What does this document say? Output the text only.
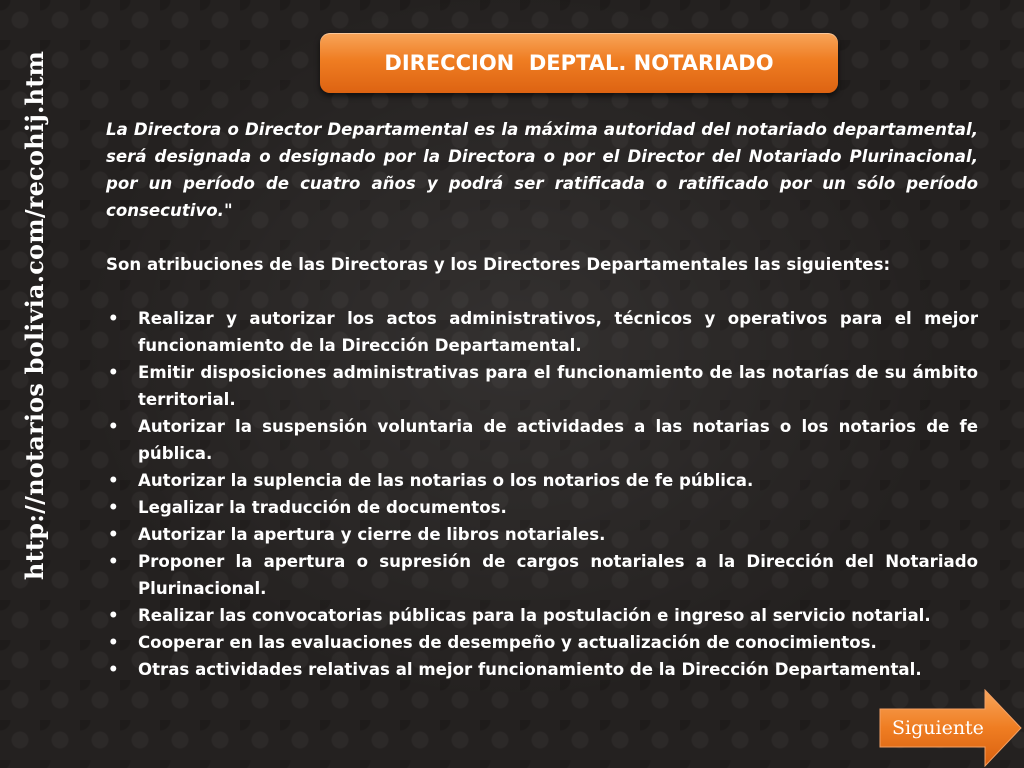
http://notarios bolivia.com/recohij.htm	DIRECCION  DEPTAL. NOTARIADO

La Directora o Director Departamental es la máxima autoridad del notariado departamental, será designada o designado por la Directora o por el Director del Notariado Plurinacional, por un período de cuatro años y podrá ser ratificada o ratificado por un sólo período consecutivo."

Son atribuciones de las Directoras y los Directores Departamentales las siguientes:

• Realizar y autorizar los actos administrativos, técnicos y operativos para el mejor funcionamiento de la Dirección Departamental.
• Emitir disposiciones administrativas para el funcionamiento de las notarías de su ámbito territorial.
• Autorizar la suspensión voluntaria de actividades a las notarias o los notarios de fe pública.
• Autorizar la suplencia de las notarias o los notarios de fe pública.
• Legalizar la traducción de documentos.
• Autorizar la apertura y cierre de libros notariales.
• Proponer la apertura o supresión de cargos notariales a la Dirección del Notariado Plurinacional.
• Realizar las convocatorias públicas para la postulación e ingreso al servicio notarial.
• Cooperar en las evaluaciones de desempeño y actualización de conocimientos.
• Otras actividades relativas al mejor funcionamiento de la Dirección Departamental.
Siguiente
